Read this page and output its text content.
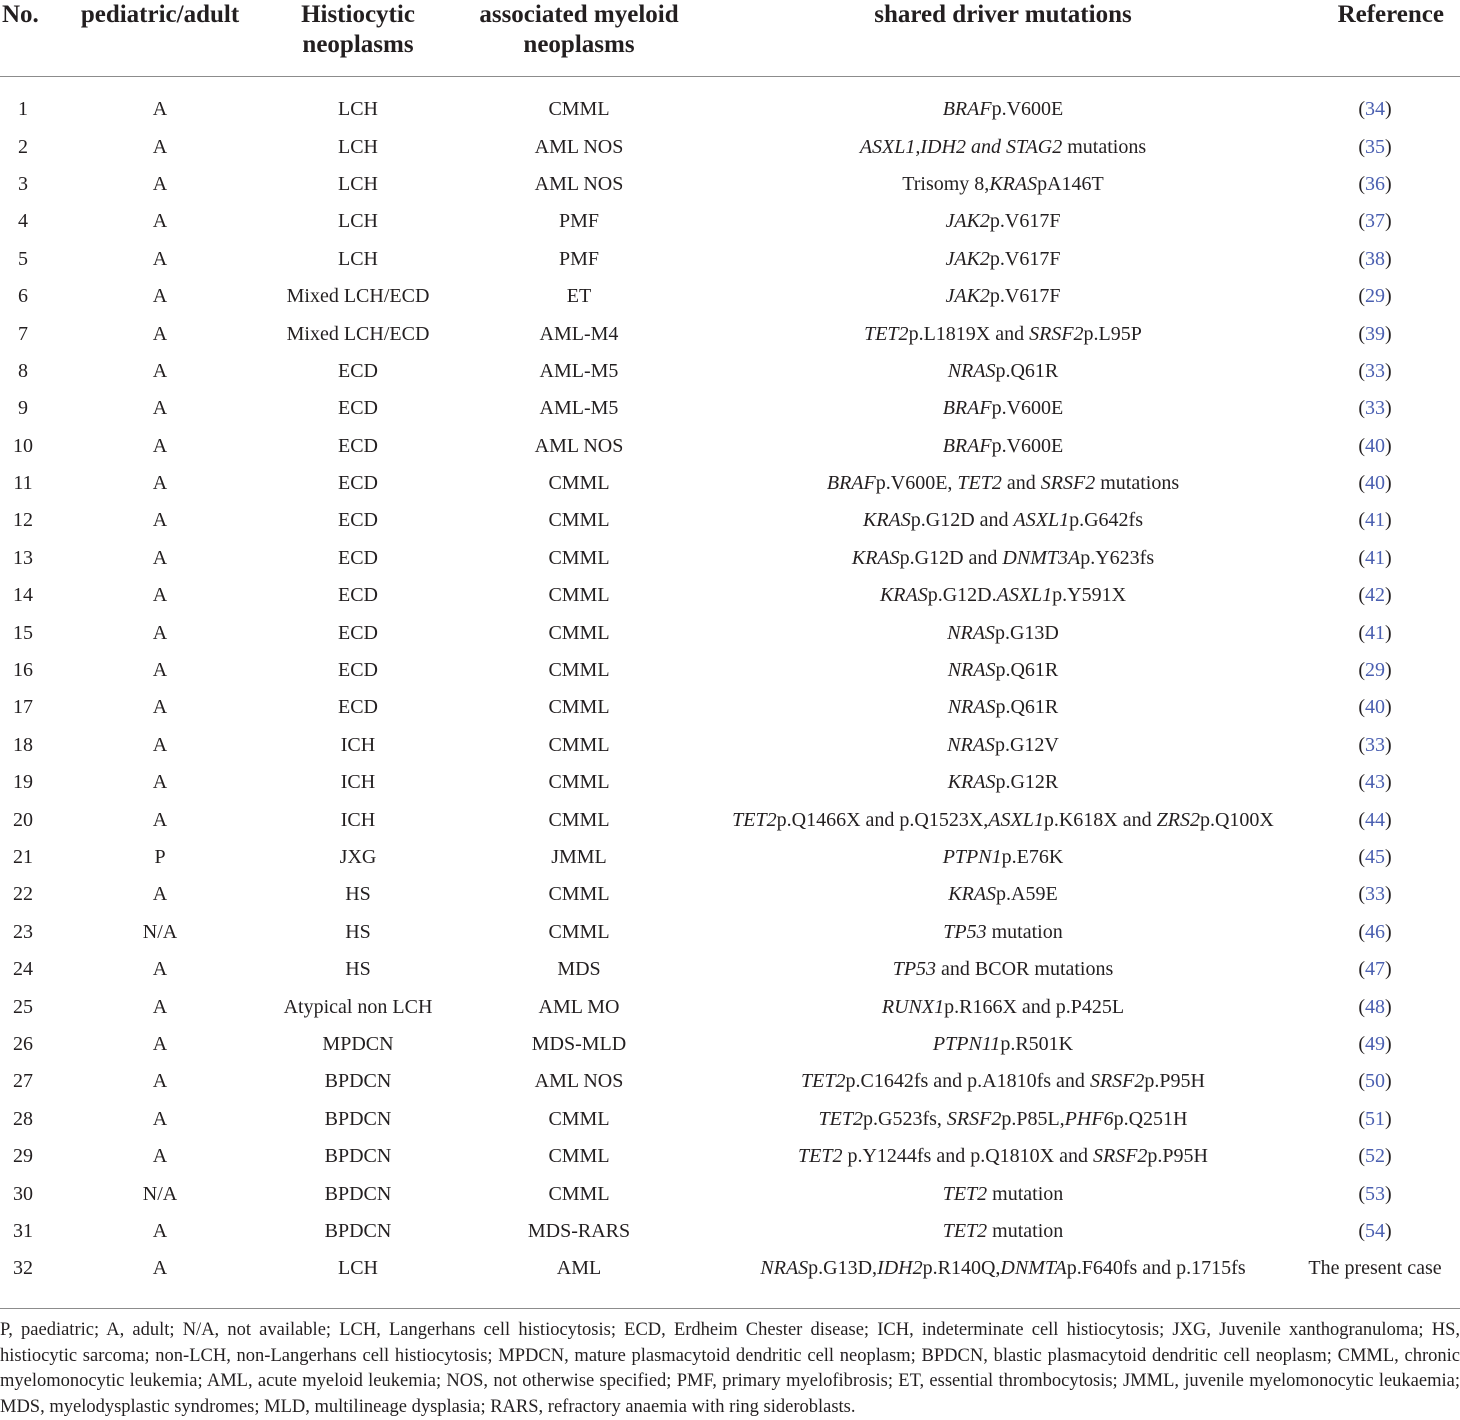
No.	pediatric/adult	Histiocytic neoplasms	associated myeloid neoplasms	shared driver mutations	Reference
1	A	LCH	CMML	BRAFp.V600E	(34)
2	A	LCH	AML NOS	ASXL1,IDH2 and STAG2 mutations	(35)
3	A	LCH	AML NOS	Trisomy 8,KRASpA146T	(36)
4	A	LCH	PMF	JAK2p.V617F	(37)
5	A	LCH	PMF	JAK2p.V617F	(38)
6	A	Mixed LCH/ECD	ET	JAK2p.V617F	(29)
7	A	Mixed LCH/ECD	AML-M4	TET2p.L1819X and SRSF2p.L95P	(39)
8	A	ECD	AML-M5	NRASp.Q61R	(33)
9	A	ECD	AML-M5	BRAFp.V600E	(33)
10	A	ECD	AML NOS	BRAFp.V600E	(40)
11	A	ECD	CMML	BRAFp.V600E, TET2 and SRSF2 mutations	(40)
12	A	ECD	CMML	KRASp.G12D and ASXL1p.G642fs	(41)
13	A	ECD	CMML	KRASp.G12D and DNMT3Ap.Y623fs	(41)
14	A	ECD	CMML	KRASp.G12D.ASXL1p.Y591X	(42)
15	A	ECD	CMML	NRASp.G13D	(41)
16	A	ECD	CMML	NRASp.Q61R	(29)
17	A	ECD	CMML	NRASp.Q61R	(40)
18	A	ICH	CMML	NRASp.G12V	(33)
19	A	ICH	CMML	KRASp.G12R	(43)
20	A	ICH	CMML	TET2p.Q1466X and p.Q1523X,ASXL1p.K618X and ZRS2p.Q100X	(44)
21	P	JXG	JMML	PTPN1p.E76K	(45)
22	A	HS	CMML	KRASp.A59E	(33)
23	N/A	HS	CMML	TP53 mutation	(46)
24	A	HS	MDS	TP53 and BCOR mutations	(47)
25	A	Atypical non LCH	AML MO	RUNX1p.R166X and p.P425L	(48)
26	A	MPDCN	MDS-MLD	PTPN11p.R501K	(49)
27	A	BPDCN	AML NOS	TET2p.C1642fs and p.A1810fs and SRSF2p.P95H	(50)
28	A	BPDCN	CMML	TET2p.G523fs, SRSF2p.P85L,PHF6p.Q251H	(51)
29	A	BPDCN	CMML	TET2 p.Y1244fs and p.Q1810X and SRSF2p.P95H	(52)
30	N/A	BPDCN	CMML	TET2 mutation	(53)
31	A	BPDCN	MDS-RARS	TET2 mutation	(54)
32	A	LCH	AML	NRASp.G13D,IDH2p.R140Q,DNMTAp.F640fs and p.1715fs	The present case
P, paediatric; A, adult; N/A, not available; LCH, Langerhans cell histiocytosis; ECD, Erdheim Chester disease; ICH, indeterminate cell histiocytosis; JXG, Juvenile xanthogranuloma; HS, histiocytic sarcoma; non-LCH, non-Langerhans cell histiocytosis; MPDCN, mature plasmacytoid dendritic cell neoplasm; BPDCN, blastic plasmacytoid dendritic cell neoplasm; CMML, chronic myelomonocytic leukemia; AML, acute myeloid leukemia; NOS, not otherwise specified; PMF, primary myelofibrosis; ET, essential thrombocytosis; JMML, juvenile myelomonocytic leukaemia; MDS, myelodysplastic syndromes; MLD, multilineage dysplasia; RARS, refractory anaemia with ring sideroblasts.
